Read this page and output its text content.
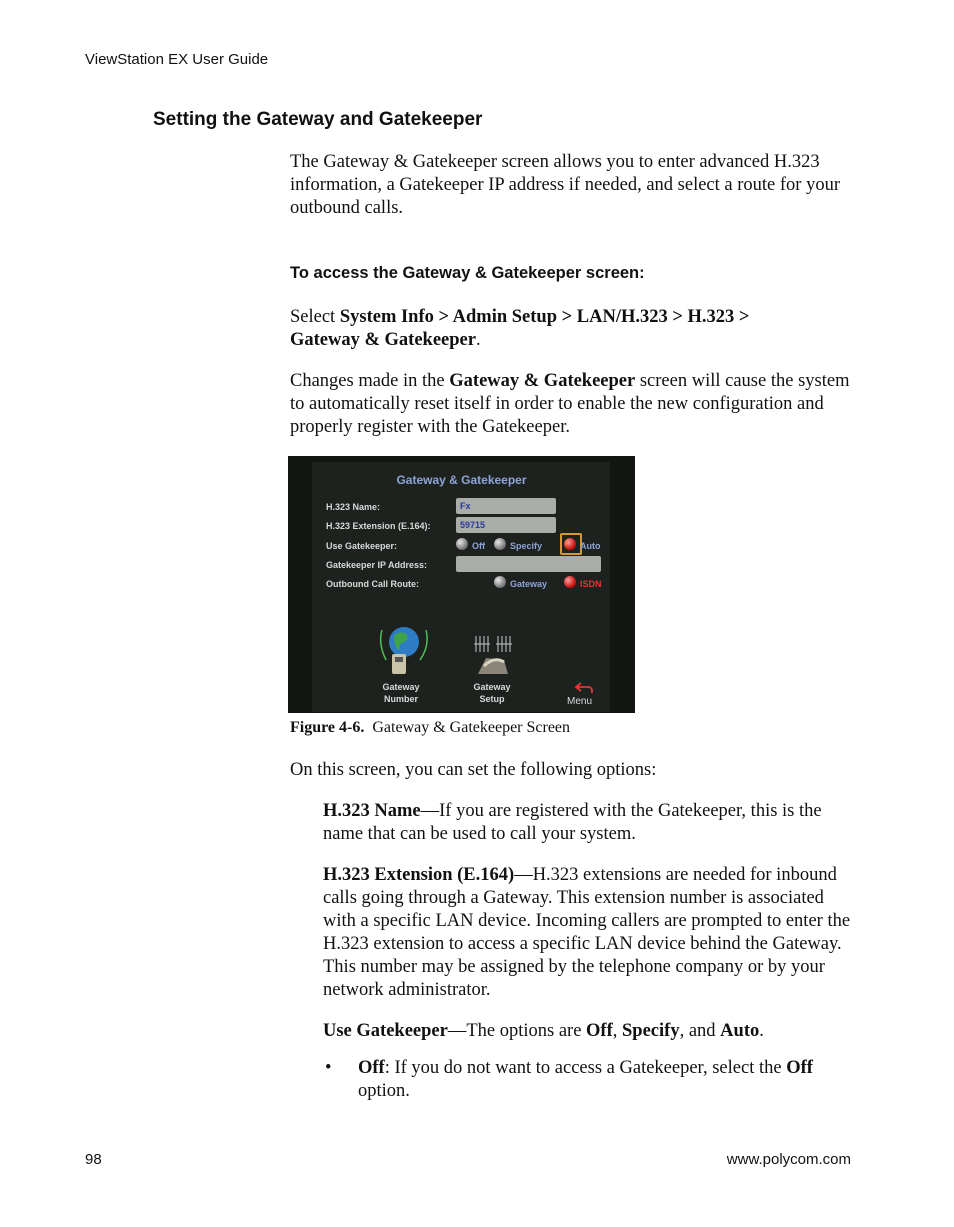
ViewStation EX User Guide
Setting the Gateway and Gatekeeper
The Gateway & Gatekeeper screen allows you to enter advanced H.323 information, a Gatekeeper IP address if needed, and select a route for your outbound calls.
To access the Gateway & Gatekeeper screen:
Select System Info > Admin Setup > LAN/H.323 > H.323 > Gateway & Gatekeeper.
Changes made in the Gateway & Gatekeeper screen will cause the system to automatically reset itself in order to enable the new configuration and properly register with the Gatekeeper.
Gateway & Gatekeeper
H.323 Name:	Fx
H.323 Extension (E.164):	59715
Use Gatekeeper:	Off	Specify	Auto
Gatekeeper IP Address:
Outbound Call Route:	Gateway	ISDN
Gateway
Number
Gateway
Setup	Menu
Figure 4-6. Gateway & Gatekeeper Screen
On this screen, you can set the following options:
H.323 Name—If you are registered with the Gatekeeper, this is the name that can be used to call your system.
H.323 Extension (E.164)—H.323 extensions are needed for inbound calls going through a Gateway. This extension number is associated with a specific LAN device. Incoming callers are prompted to enter the H.323 extension to access a specific LAN device behind the Gateway. This number may be assigned by the telephone company or by your network administrator.
Use Gatekeeper—The options are Off, Specify, and Auto.
• Off: If you do not want to access a Gatekeeper, select the Off option.
98	www.polycom.com
